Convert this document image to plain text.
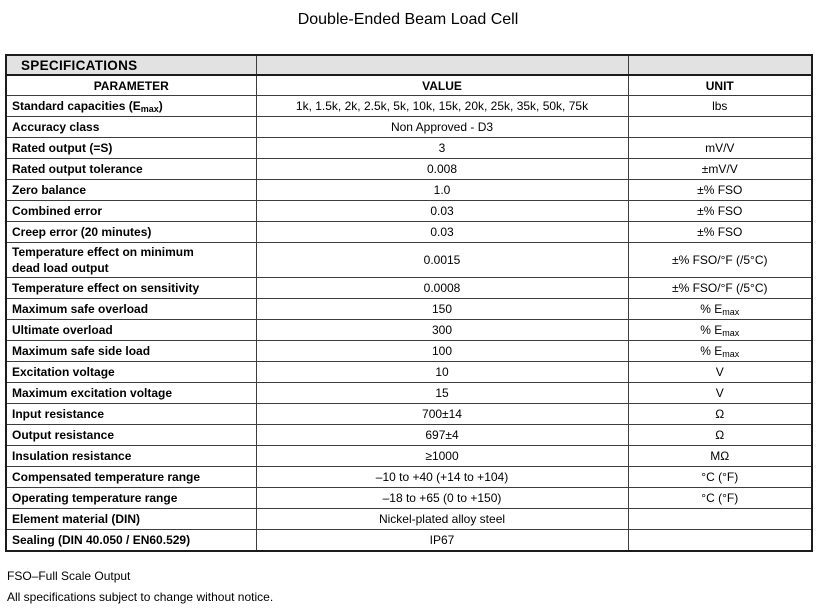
Double-Ended Beam Load Cell
SPECIFICATIONS		
PARAMETER	VALUE	UNIT
Standard capacities $(E_{max})$	1k, 1.5k, 2k, 2.5k, 5k, 10k, 15k, 20k, 25k, 35k, 50k, 75k	lbs
Accuracy class	Non Approved - D3	
Rated output (=S)	3	mV/V
Rated output tolerance	0.008	±mV/V
Zero balance	1.0	±% FSO
Combined error	0.03	±% FSO
Creep error (20 minutes)	0.03	±% FSO
Temperature effect on minimum
dead load output	0.0015	±% FSO/°F (/5°C)
Temperature effect on sensitivity	0.0008	±% FSO/°F (/5°C)
Maximum safe overload	150	% $E_{max}$
Ultimate overload	300	% $E_{max}$
Maximum safe side load	100	% $E_{max}$
Excitation voltage	10	V
Maximum excitation voltage	15	V
Input resistance	700±14	Ω
Output resistance	697±4	Ω
Insulation resistance	≥1000	MΩ
Compensated temperature range	–10 to +40 (+14 to +104)	°C (°F)
Operating temperature range	–18 to +65 (0 to +150)	°C (°F)
Element material (DIN)	Nickel-plated alloy steel	
Sealing (DIN 40.050 / EN60.529)	IP67	
FSO–Full Scale Output
All specifications subject to change without notice.
